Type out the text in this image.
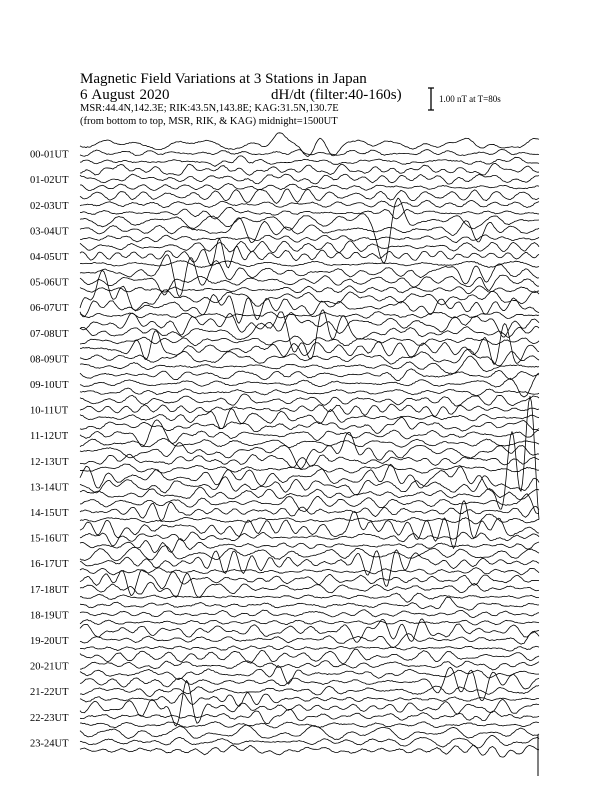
Magnetic Field Variations at 3 Stations in Japan
6 August 2020	dH/dt (filter:40-160s)
MSR:44.4N,142.3E; RIK:43.5N,143.8E; KAG:31.5N,130.7E
(from bottom to top, MSR, RIK, & KAG) midnight=1500UT
1.00 nT at T=80s
00-01UT
01-02UT
02-03UT
03-04UT
04-05UT
05-06UT
06-07UT
07-08UT
08-09UT
09-10UT
10-11UT
11-12UT
12-13UT
13-14UT
14-15UT
15-16UT
16-17UT
17-18UT
18-19UT
19-20UT
20-21UT
21-22UT
22-23UT
23-24UT
